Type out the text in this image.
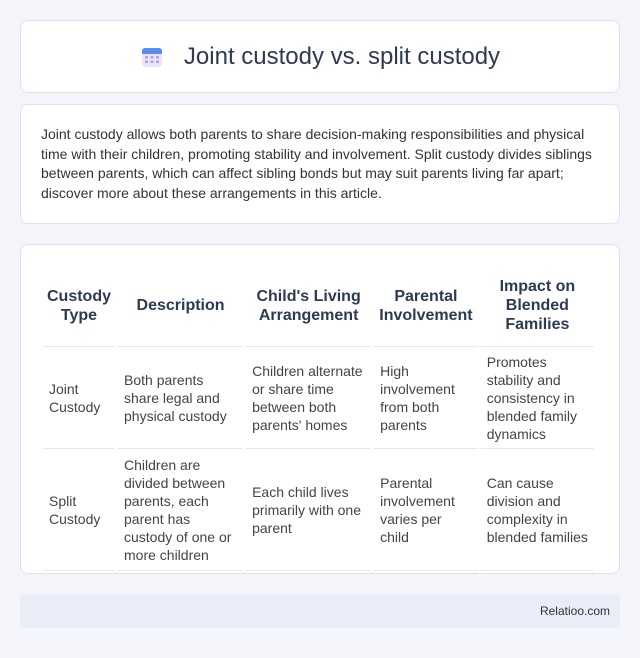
Joint custody vs. split custody

Joint custody allows both parents to share decision-making responsibilities and physical time with their children, promoting stability and involvement. Split custody divides siblings between parents, which can affect sibling bonds but may suit parents living far apart; discover more about these arrangements in this article.

Custody Type	Description	Child's Living Arrangement	Parental Involvement	Impact on Blended Families
Joint Custody	Both parents share legal and physical custody	Children alternate or share time between both parents' homes	High involvement from both parents	Promotes stability and consistency in blended family dynamics
Split Custody	Children are divided between parents, each parent has custody of one or more children	Each child lives primarily with one parent	Parental involvement varies per child	Can cause division and complexity in blended families
Relatioo.com
